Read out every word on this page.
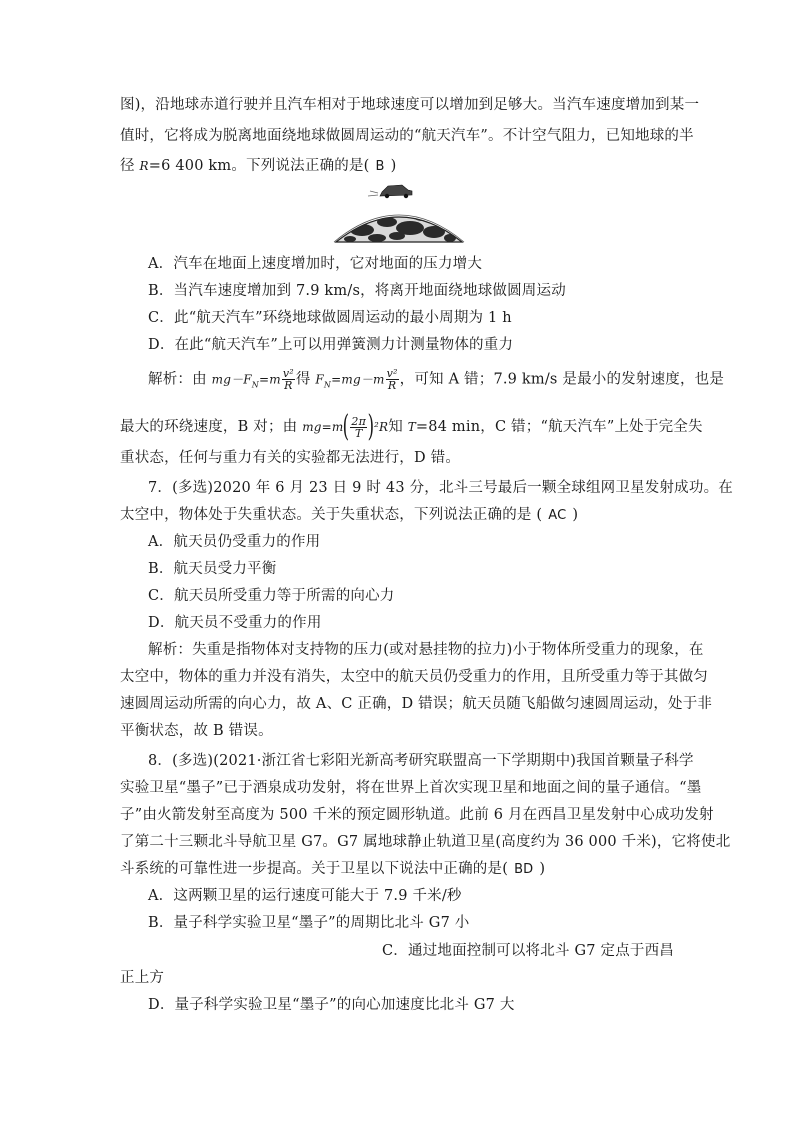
图)，沿地球赤道行驶并且汽车相对于地球速度可以增加到足够大。当汽车速度增加到某一
值时，它将成为脱离地面绕地球做圆周运动的“航天汽车”。不计空气阻力，已知地球的半
径 R=6 400 km。下列说法正确的是( B )
A．汽车在地面上速度增加时，它对地面的压力增大
B．当汽车速度增加到 7.9 km/s，将离开地面绕地球做圆周运动
C．此“航天汽车”环绕地球做圆周运动的最小周期为 1 h
D．在此“航天汽车”上可以用弹簧测力计测量物体的重力
解析：由 $mg-F_N=m \frac{\text{v²}}{R}$ 得 $F_N=mg-m \frac{\text{v²}}{R}$ ，可知 A 错；7.9 km/s 是最小的发射速度，也是
最大的环绕速度，B 对；由 $mg=m( \frac{2\pi}{T} )^2R$知 T=84 min，C 错；“航天汽车”上处于完全失
重状态，任何与重力有关的实验都无法进行，D 错。
7．(多选)2020 年 6 月 23 日 9 时 43 分，北斗三号最后一颗全球组网卫星发射成功。在
太空中，物体处于失重状态。关于失重状态，下列说法正确的是 ( AC )
A．航天员仍受重力的作用
B．航天员受力平衡
C．航天员所受重力等于所需的向心力
D．航天员不受重力的作用
解析：失重是指物体对支持物的压力(或对悬挂物的拉力)小于物体所受重力的现象，在
太空中，物体的重力并没有消失，太空中的航天员仍受重力的作用，且所受重力等于其做匀
速圆周运动所需的向心力，故 A、C 正确，D 错误；航天员随飞船做匀速圆周运动，处于非
平衡状态，故 B 错误。
8．(多选)(2021·浙江省七彩阳光新高考研究联盟高一下学期期中)我国首颗量子科学
实验卫星“墨子”已于酒泉成功发射，将在世界上首次实现卫星和地面之间的量子通信。“墨
子”由火箭发射至高度为 500 千米的预定圆形轨道。此前 6 月在西昌卫星发射中心成功发射
了第二十三颗北斗导航卫星 G7。G7 属地球静止轨道卫星(高度约为 36 000 千米)，它将使北
斗系统的可靠性进一步提高。关于卫星以下说法中正确的是( BD )
A．这两颗卫星的运行速度可能大于 7.9 千米/秒
B．量子科学实验卫星“墨子”的周期比北斗 G7 小
C．通过地面控制可以将北斗 G7 定点于西昌
正上方
D．量子科学实验卫星“墨子”的向心加速度比北斗 G7 大
